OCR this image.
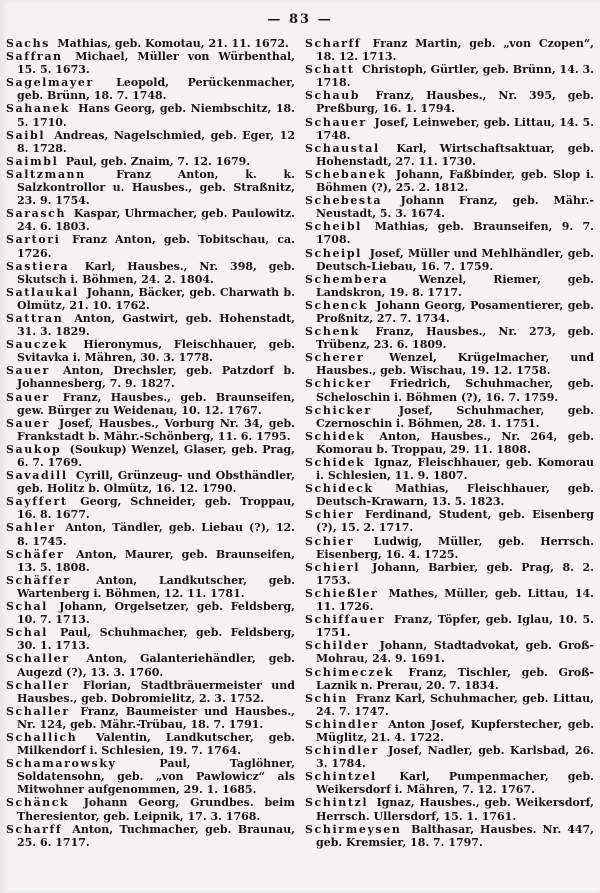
— 83 —

Sachs Mathias, geb. Komotau, 21. 11. 1672.

Saffran Michael, Müller von Würbenthal, 15. 5. 1673.

Sagelmayer Leopold, Perückenmacher, geb. Brünn, 18. 7. 1748.

Sahanek Hans Georg, geb. Niembschitz, 18. 5. 1710.

Saibl Andreas, Nagelschmied, geb. Eger, 12 8. 1728.

Saimbl Paul, geb. Znaim, 7. 12. 1679.

Saltzmann Franz Anton, k. k. Salzkontrollor u. Hausbes., geb. Straßnitz, 23. 9. 1754.

Sarasch Kaspar, Uhrmacher, geb. Paulowitz. 24. 6. 1803.

Sartori Franz Anton, geb. Tobitschau, ca. 1726.

Sastiera Karl, Hausbes., Nr. 398, geb. Skutsch i. Böhmen, 24. 2. 1804.

Satlaukal Johann, Bäcker, geb. Charwath b. Olmütz, 21. 10. 1762.

Sattran Anton, Gastwirt, geb. Hohenstadt, 31. 3. 1829.

Sauczek Hieronymus, Fleischhauer, geb. Svitavka i. Mähren, 30. 3. 1778.

Sauer Anton, Drechsler, geb. Patzdorf b. Johannesberg, 7. 9. 1827.

Sauer Franz, Hausbes., geb. Braunseifen, gew. Bürger zu Weidenau, 10. 12. 1767.

Sauer Josef, Hausbes., Vorburg Nr. 34, geb. Frankstadt b. Mähr.-Schönberg, 11. 6. 1795.

Saukop (Soukup) Wenzel, Glaser, geb. Prag, 6. 7. 1769.

Savadill Cyrill, Grünzeug- und Obsthändler, geb. Holitz b. Olmütz, 16. 12. 1790.

Sayffert Georg, Schneider, geb. Troppau, 16. 8. 1677.

Sahler Anton, Tändler, geb. Liebau (?), 12. 8. 1745.

Schäfer Anton, Maurer, geb. Braunseifen, 13. 5. 1808.

Schäffer Anton, Landkutscher, geb. Wartenberg i. Böhmen, 12. 11. 1781.

Schal Johann, Orgelsetzer, geb. Feldsberg, 10. 7. 1713.

Schal Paul, Schuhmacher, geb. Feldsberg, 30. 1. 1713.

Schaller Anton, Galanteriehändler, geb. Augezd (?), 13. 3. 1760.

Schaller Florian, Stadtbräuermeister und Hausbes., geb. Dobromielitz, 2. 3. 1752.

Schaller Franz, Baumeister und Hausbes., Nr. 124, geb. Mähr.-Trübau, 18. 7. 1791.

Schallich Valentin, Landkutscher, geb. Milkendorf i. Schlesien, 19. 7. 1764.

Schamarowsky Paul, Taglöhner, Soldatensohn, geb. „von Pawlowicz“ als Mitwohner aufgenommen, 29. 1. 1685.

Schänck Johann Georg, Grundbes. beim Theresientor, geb. Leipnik, 17. 3. 1768.

Scharff Anton, Tuchmacher, geb. Braunau, 25. 6. 1717.

Scharff Franz Martin, geb. „von Czopen“, 18. 12. 1713.

Schatt Christoph, Gürtler, geb. Brünn, 14. 3. 1718.

Schaub Franz, Hausbes., Nr. 395, geb. Preßburg, 16. 1. 1794.

Schauer Josef, Leinweber, geb. Littau, 14. 5. 1748.

Schaustal Karl, Wirtschaftsaktuar, geb. Hohenstadt, 27. 11. 1730.

Schebanek Johann, Faßbinder, geb. Slop i. Böhmen (?), 25. 2. 1812.

Schebesta Johann Franz, geb. Mähr.-Neustadt, 5. 3. 1674.

Scheibl Mathias, geb. Braunseifen, 9. 7. 1708.

Scheipl Josef, Müller und Mehlhändler, geb. Deutsch-Liebau, 16. 7. 1759.

Schembera Wenzel, Riemer, geb. Landskron, 19. 8. 1717.

Schenck Johann Georg, Posamentierer, geb. Proßnitz, 27. 7. 1734.

Schenk Franz, Hausbes., Nr. 273, geb. Trübenz, 23. 6. 1809.

Scherer Wenzel, Krügelmacher, und Hausbes., geb. Wischau, 19. 12. 1758.

Schicker Friedrich, Schuhmacher, geb. Scheloschin i. Böhmen (?), 16. 7. 1759.

Schicker Josef, Schuhmacher, geb. Czernoschin i. Böhmen, 28. 1. 1751.

Schidek Anton, Hausbes., Nr. 264, geb. Komorau b. Troppau, 29. 11. 1808.

Schidek Ignaz, Fleischhauer, geb. Komorau i. Schlesien, 11. 9. 1807.

Schideck Mathias, Fleischhauer, geb. Deutsch-Krawarn, 13. 5. 1823.

Schier Ferdinand, Student, geb. Eisenberg (?), 15. 2. 1717.

Schier Ludwig, Müller, geb. Herrsch. Eisenberg, 16. 4. 1725.

Schierl Johann, Barbier, geb. Prag, 8. 2. 1753.

Schießler Mathes, Müller, geb. Littau, 14. 11. 1726.

Schiffauer Franz, Töpfer, geb. Iglau, 10. 5. 1751.

Schilder Johann, Stadtadvokat, geb. Groß-Mohrau, 24. 9. 1691.

Schimeczek Franz, Tischler, geb. Groß-Laznik n. Prerau, 20. 7. 1834.

Schin Franz Karl, Schuhmacher, geb. Littau, 24. 7. 1747.

Schindler Anton Josef, Kupferstecher, geb. Müglitz, 21. 4. 1722.

Schindler Josef, Nadler, geb. Karlsbad, 26. 3. 1784.

Schintzel Karl, Pumpenmacher, geb. Weikersdorf i. Mähren, 7. 12. 1767.

Schintzl Ignaz, Hausbes., geb. Weikersdorf, Herrsch. Ullersdorf, 15. 1. 1761.

Schirmeysen Balthasar, Hausbes. Nr. 447, geb. Kremsier, 18. 7. 1797.
